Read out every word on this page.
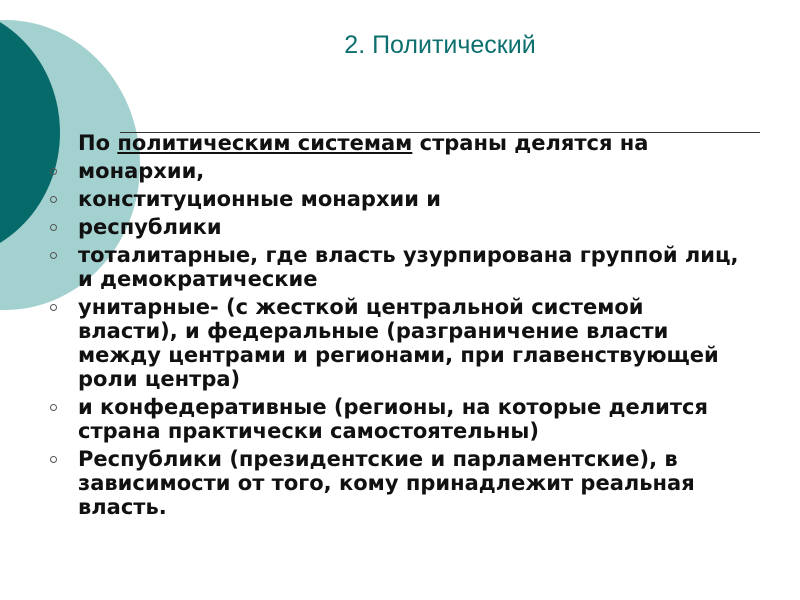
2. Политический

По политическим системам страны делятся на

монархии,
конституционные монархии и
республики
тоталитарные, где власть узурпирована группой лиц, и демократические
унитарные- (с жесткой центральной системой власти), и федеральные (разграничение власти между центрами и регионами, при главенствующей роли центра)
и конфедеративные (регионы, на которые делится страна практически самостоятельны)
Республики (президентские и парламентские), в зависимости от того, кому принадлежит реальная власть.
